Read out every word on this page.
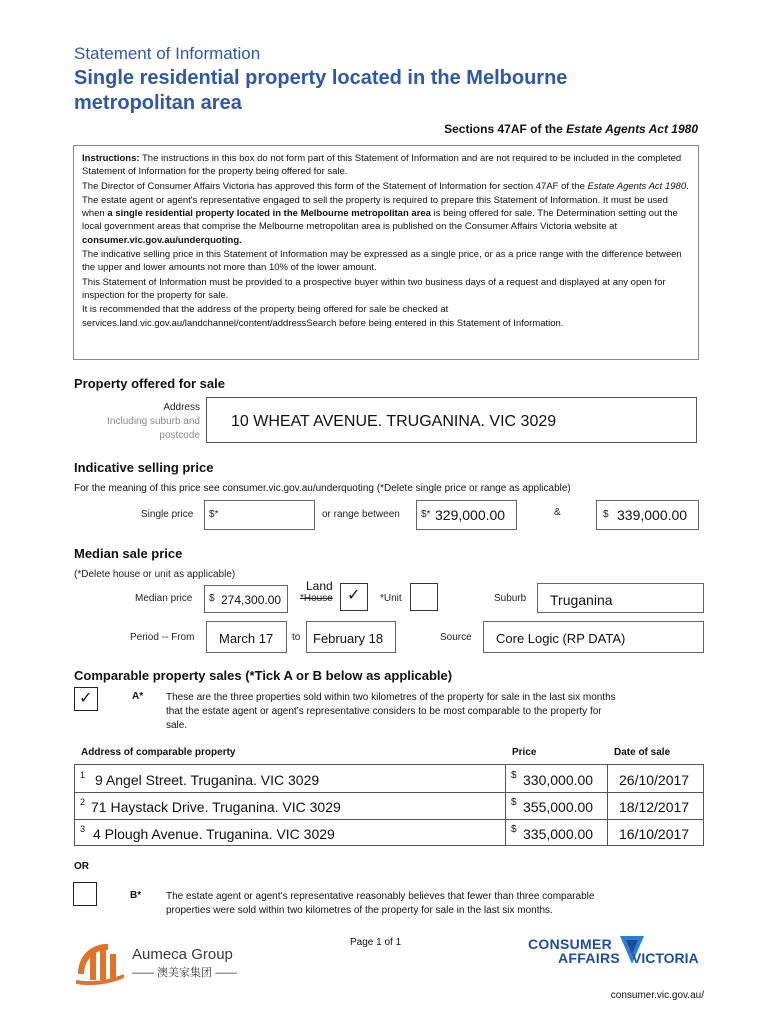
Statement of Information
Single residential property located in the Melbourne
metropolitan area
Sections 47AF of the Estate Agents Act 1980

Instructions: The instructions in this box do not form part of this Statement of Information and are not required to be included in the completed Statement of Information for the property being offered for sale.

The Director of Consumer Affairs Victoria has approved this form of the Statement of Information for section 47AF of the Estate Agents Act 1980.

The estate agent or agent's representative engaged to sell the property is required to prepare this Statement of Information. It must be used when a single residential property located in the Melbourne metropolitan area is being offered for sale. The Determination setting out the local government areas that comprise the Melbourne metropolitan area is published on the Consumer Affairs Victoria website at consumer.vic.gov.au/underquoting.

The indicative selling price in this Statement of Information may be expressed as a single price, or as a price range with the difference between the upper and lower amounts not more than 10% of the lower amount.

This Statement of Information must be provided to a prospective buyer within two business days of a request and displayed at any open for inspection for the property for sale.

It is recommended that the address of the property being offered for sale be checked at services.land.vic.gov.au/landchannel/content/addressSearch before being entered in this Statement of Information.

Property offered for sale
Address
Including suburb and
postcode
10 WHEAT AVENUE. TRUGANINA. VIC 3029
Indicative selling price
For the meaning of this price see consumer.vic.gov.au/underquoting (*Delete single price or range as applicable)
Single price $*	or range between $* 329,000.00	&	$ 339,000.00
Median sale price
(*Delete house or unit as applicable)
Median price $ 274,300.00
Land
*House ✓ *Unit	Suburb Truganina
Period -- From March 17 to February 18	Source Core Logic (RP DATA)
Comparable property sales (*Tick A or B below as applicable)
✓	A* These are the three properties sold within two kilometres of the property for sale in the last six months
that the estate agent or agent’s representative considers to be most comparable to the property for
sale.
Address of comparable property	Price	Date of sale
1 9 Angel Street. Truganina. VIC 3029	$ 330,000.00 26/10/2017
2 71 Haystack Drive. Truganina. VIC 3029	$ 355,000.00 18/12/2017
3 4 Plough Avenue. Truganina. VIC 3029	$ 335,000.00 16/10/2017
OR
B* The estate agent or agent’s representative reasonably believes that fewer than three comparable
properties were sold within two kilometres of the property for sale in the last six months.
Page 1 of 1
Aumeca Group
—— 澳美家集团 ——
CONSUMER
AFFAIRS VICTORIA
consumer.vic.gov.au/
